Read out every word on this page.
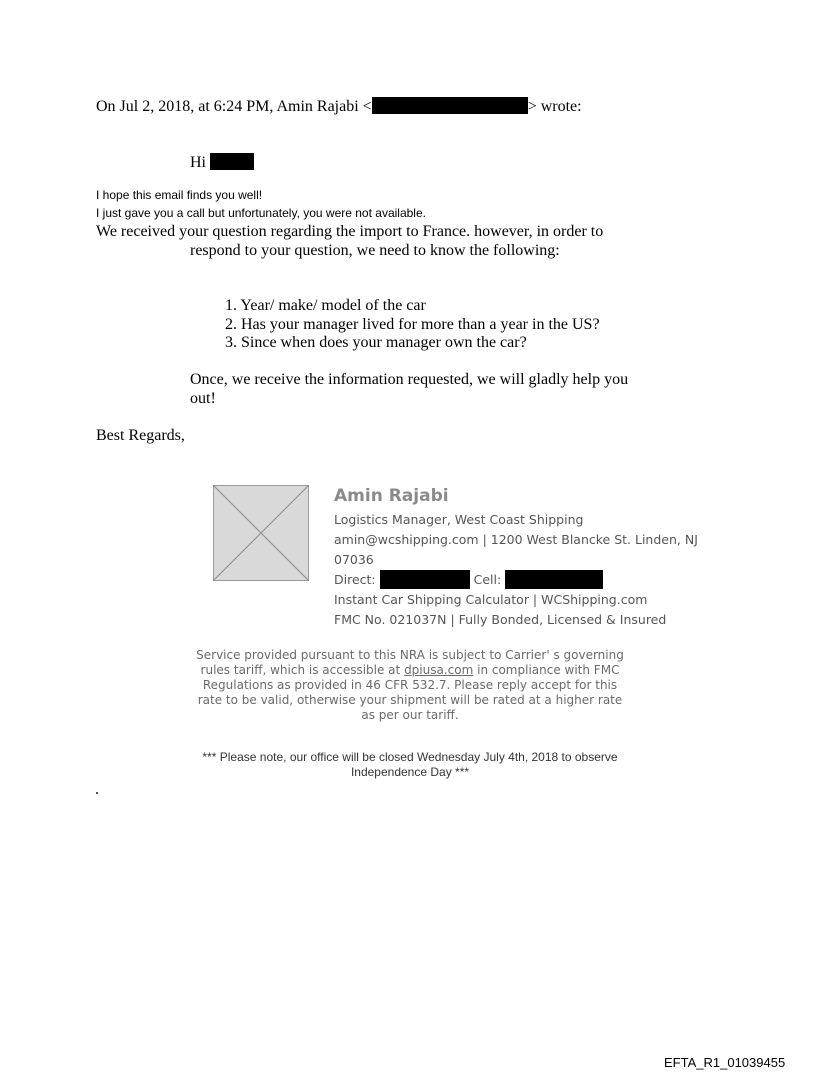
On Jul 2, 2018, at 6:24 PM, Amin Rajabi <	> wrote:
Hi
I hope this email finds you well!
I just gave you a call but unfortunately, you were not available.
We received your question regarding the import to France. however, in order to
respond to your question, we need to know the following:
1. Year/ make/ model of the car
2. Has your manager lived for more than a year in the US?
3. Since when does your manager own the car?
Once, we receive the information requested, we will gladly help you
out!
Best Regards,
Amin Rajabi
Logistics Manager, West Coast Shipping
amin@wcshipping.com | 1200 West Blancke St. Linden, NJ
07036
Direct:	Cell:
Instant Car Shipping Calculator | WCShipping.com
FMC No. 021037N | Fully Bonded, Licensed & Insured
Service provided pursuant to this NRA is subject to Carrier' s governing
rules tariff, which is accessible at dpiusa.com in compliance with FMC
Regulations as provided in 46 CFR 532.7. Please reply accept for this
rate to be valid, otherwise your shipment will be rated at a higher rate
as per our tariff.
*** Please note, our office will be closed Wednesday July 4th, 2018 to observe
Independence Day ***
EFTA_R1_01039455
